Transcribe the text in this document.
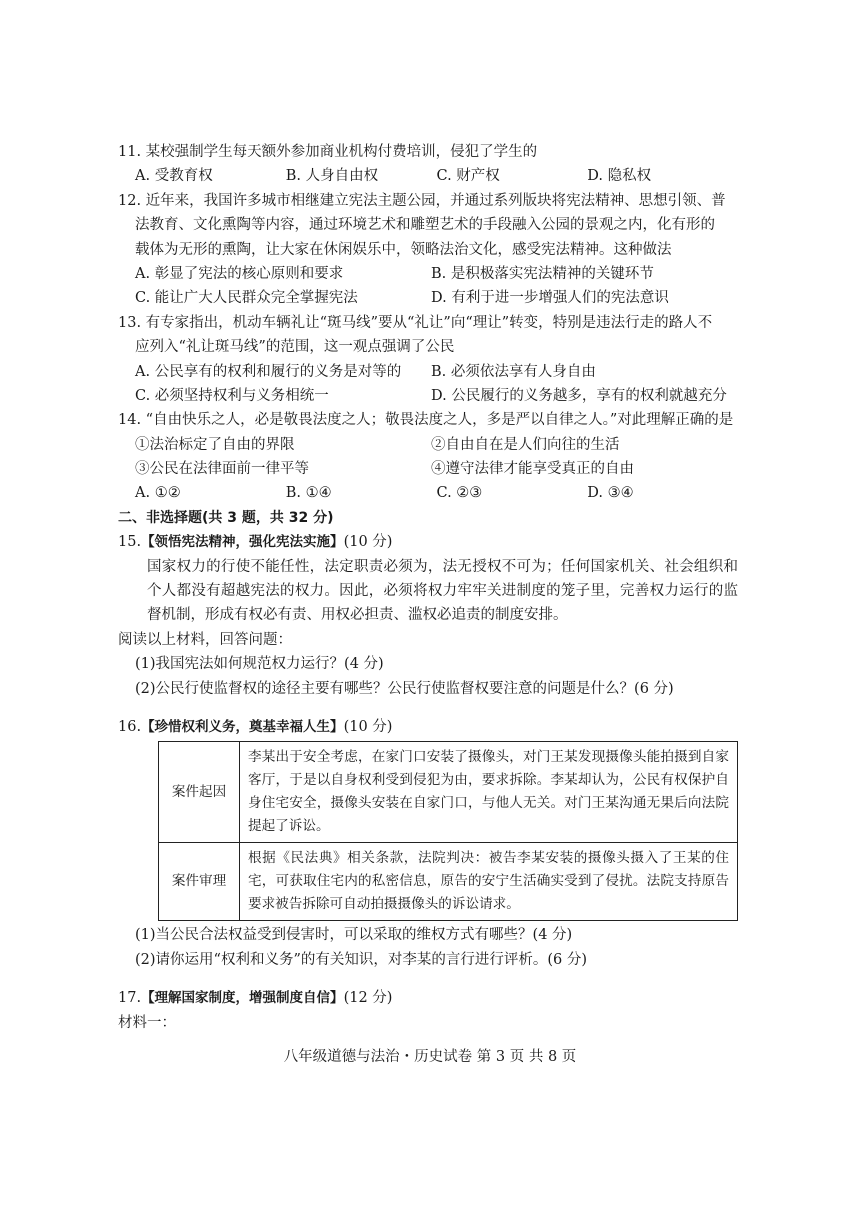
11. 某校强制学生每天额外参加商业机构付费培训，侵犯了学生的
A. 受教育权	B. 人身自由权	C. 财产权	D. 隐私权
12. 近年来，我国许多城市相继建立宪法主题公园，并通过系列版块将宪法精神、思想引领、普
法教育、文化熏陶等内容，通过环境艺术和雕塑艺术的手段融入公园的景观之内，化有形的
载体为无形的熏陶，让大家在休闲娱乐中，领略法治文化，感受宪法精神。这种做法
A. 彰显了宪法的核心原则和要求	B. 是积极落实宪法精神的关键环节
C. 能让广大人民群众完全掌握宪法	D. 有利于进一步增强人们的宪法意识
13. 有专家指出，机动车辆礼让“斑马线”要从“礼让”向“理让”转变，特别是违法行走的路人不
应列入“礼让斑马线”的范围，这一观点强调了公民
A. 公民享有的权利和履行的义务是对等的	B. 必须依法享有人身自由
C. 必须坚持权利与义务相统一	D. 公民履行的义务越多，享有的权利就越充分
14. “自由快乐之人，必是敬畏法度之人；敬畏法度之人，多是严以自律之人。”对此理解正确的是
①法治标定了自由的界限	②自由自在是人们向往的生活
③公民在法律面前一律平等	④遵守法律才能享受真正的自由
A. ①②	B. ①④	C. ②③	D. ③④
二、非选择题(共 3 题，共 32 分)
15.【领悟宪法精神，强化宪法实施】(10 分)
国家权力的行使不能任性，法定职责必须为，法无授权不可为；任何国家机关、社会组织和个人都没有超越宪法的权力。因此，必须将权力牢牢关进制度的笼子里，完善权力运行的监督机制，形成有权必有责、用权必担责、滥权必追责的制度安排。
阅读以上材料，回答问题：
(1)我国宪法如何规范权力运行？(4 分)
(2)公民行使监督权的途径主要有哪些？公民行使监督权要注意的问题是什么？(6 分)
16.【珍惜权利义务，奠基幸福人生】(10 分)
案件起因	李某出于安全考虑，在家门口安装了摄像头，对门王某发现摄像头能拍摄到自家客厅，于是以自身权利受到侵犯为由，要求拆除。李某却认为，公民有权保护自身住宅安全，摄像头安装在自家门口，与他人无关。对门王某沟通无果后向法院提起了诉讼。
案件审理	根据《民法典》相关条款，法院判决：被告李某安装的摄像头摄入了王某的住宅，可获取住宅内的私密信息，原告的安宁生活确实受到了侵扰。法院支持原告要求被告拆除可自动拍摄摄像头的诉讼请求。
(1)当公民合法权益受到侵害时，可以采取的维权方式有哪些？(4 分)
(2)请你运用“权利和义务”的有关知识，对李某的言行进行评析。(6 分)
17.【理解国家制度，增强制度自信】(12 分)
材料一：
八年级道德与法治・历史试卷 第 3 页 共 8 页
